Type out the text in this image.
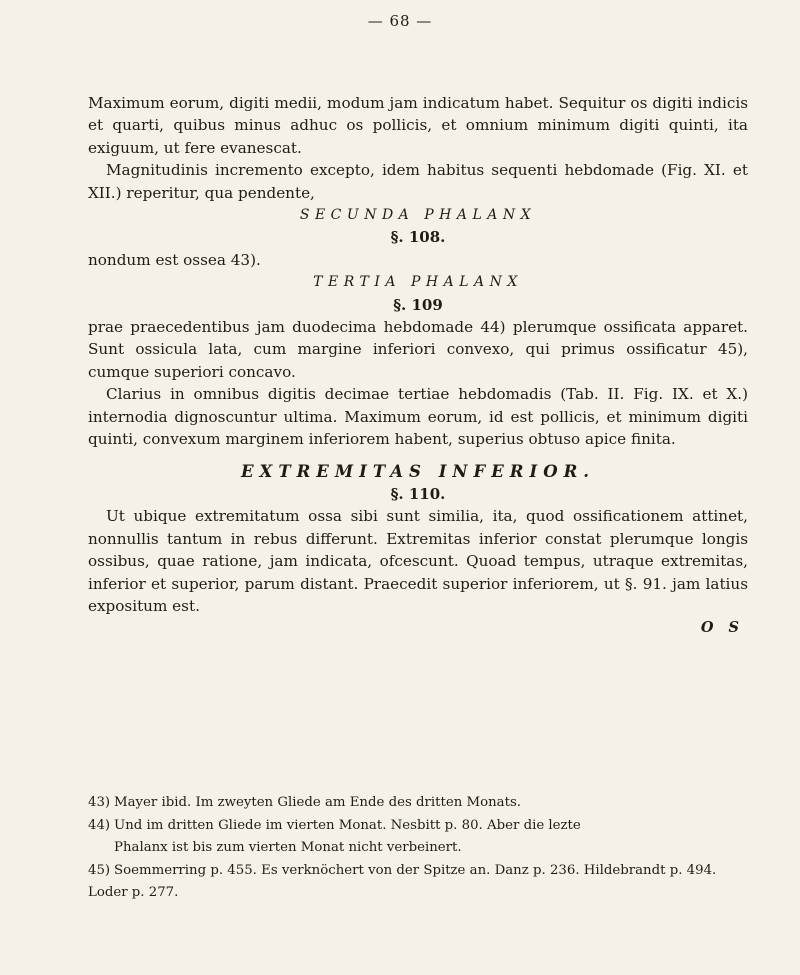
— 68 —

Maximum eorum, digiti medii, modum jam indicatum habet. Sequitur os digiti indicis et quarti, quibus minus adhuc os pollicis, et omnium minimum digiti quinti, ita exiguum, ut fere evanescat.

Magnitudinis incremento excepto, idem habitus sequenti hebdomade (Fig. XI. et XII.) reperitur, qua pendente,

SECUNDA PHALANX

§. 108.

nondum est ossea 43).

TERTIA PHALANX

§. 109

prae praecedentibus jam duodecima hebdomade 44) plerumque ossificata apparet. Sunt ossicula lata, cum margine inferiori convexo, qui primus ossificatur 45), cumque superiori concavo.

Clarius in omnibus digitis decimae tertiae hebdomadis (Tab. II. Fig. IX. et X.) internodia dignoscuntur ultima. Maximum eorum, id est pollicis, et minimum digiti quinti, convexum marginem inferiorem habent, superius obtuso apice finita.

EXTREMITAS INFERIOR.

§. 110.

Ut ubique extremitatum ossa sibi sunt similia, ita, quod ossificationem attinet, nonnullis tantum in rebus differunt. Extremitas inferior constat plerumque longis ossibus, quae ratione, jam indicata, ofcescunt. Quoad tempus, utraque extremitas, inferior et superior, parum distant. Praecedit superior inferiorem, ut §. 91. jam latius expositum est.

O S

43) Mayer ibid. Im zweyten Gliede am Ende des dritten Monats.

44) Und im dritten Gliede im vierten Monat. Nesbitt p. 80. Aber die lezte

Phalanx ist bis zum vierten Monat nicht verbeinert.

45) Soemmerring p. 455. Es verknöchert von der Spitze an. Danz p. 236. Hildebrandt p. 494. Loder p. 277.
